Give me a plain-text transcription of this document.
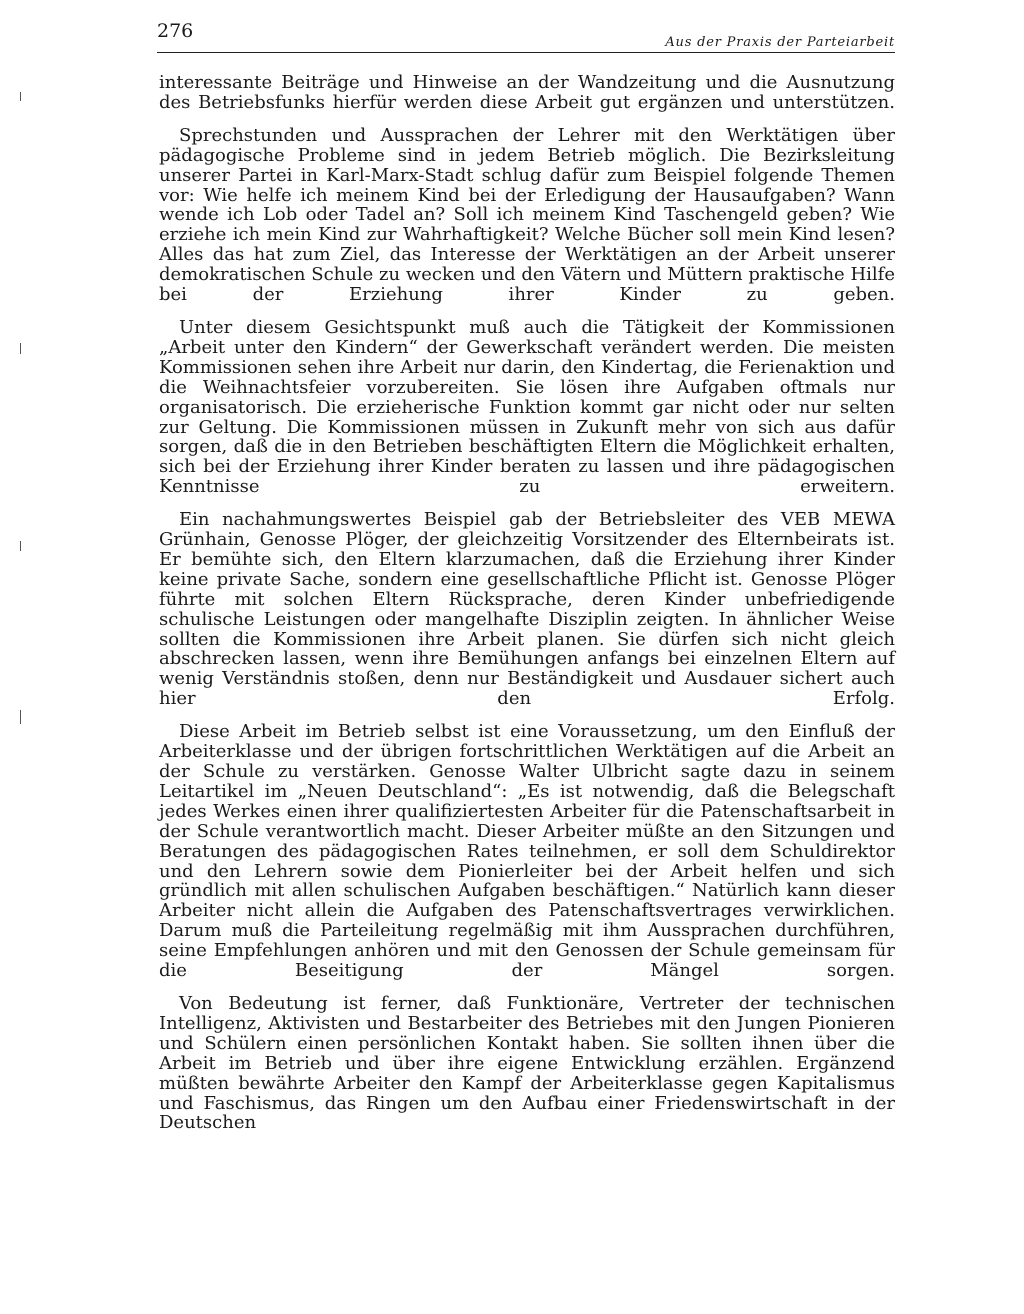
276
Aus der Praxis der Parteiarbeit

interessante Beiträge und Hinweise an der Wandzeitung und die Ausnutzung des Betriebsfunks hierfür werden diese Arbeit gut ergänzen und unterstützen.

Sprechstunden und Aussprachen der Lehrer mit den Werktätigen über pädagogische Probleme sind in jedem Betrieb möglich. Die Bezirksleitung unserer Partei in Karl-Marx-Stadt schlug dafür zum Beispiel folgende Themen vor: Wie helfe ich meinem Kind bei der Erledigung der Hausaufgaben? Wann wende ich Lob oder Tadel an? Soll ich meinem Kind Taschengeld geben? Wie erziehe ich mein Kind zur Wahrhaftigkeit? Welche Bücher soll mein Kind lesen? Alles das hat zum Ziel, das Interesse der Werktätigen an der Arbeit unserer demokratischen Schule zu wecken und den Vätern und Müttern praktische Hilfe bei der Erziehung ihrer Kinder zu geben.

Unter diesem Gesichtspunkt muß auch die Tätigkeit der Kommissionen „Arbeit unter den Kindern“ der Gewerkschaft verändert werden. Die meisten Kommissionen sehen ihre Arbeit nur darin, den Kindertag, die Ferienaktion und die Weihnachtsfeier vorzubereiten. Sie lösen ihre Aufgaben oftmals nur organisatorisch. Die erzieherische Funktion kommt gar nicht oder nur selten zur Geltung. Die Kommissionen müssen in Zukunft mehr von sich aus dafür sorgen, daß die in den Betrieben beschäftigten Eltern die Möglichkeit erhalten, sich bei der Erziehung ihrer Kinder beraten zu lassen und ihre pädagogischen Kenntnisse zu erweitern.

Ein nachahmungswertes Beispiel gab der Betriebsleiter des VEB MEWA Grünhain, Genosse Plöger, der gleichzeitig Vorsitzender des Elternbeirats ist. Er bemühte sich, den Eltern klarzumachen, daß die Erziehung ihrer Kinder keine private Sache, sondern eine gesellschaftliche Pflicht ist. Genosse Plöger führte mit solchen Eltern Rücksprache, deren Kinder unbefriedigende schulische Leistungen oder mangelhafte Disziplin zeigten. In ähnlicher Weise sollten die Kommissionen ihre Arbeit planen. Sie dürfen sich nicht gleich abschrecken lassen, wenn ihre Bemühungen anfangs bei einzelnen Eltern auf wenig Verständnis stoßen, denn nur Beständigkeit und Ausdauer sichert auch hier den Erfolg.

Diese Arbeit im Betrieb selbst ist eine Voraussetzung, um den Einfluß der Arbeiterklasse und der übrigen fortschrittlichen Werktätigen auf die Arbeit an der Schule zu verstärken. Genosse Walter Ulbricht sagte dazu in seinem Leitartikel im „Neuen Deutschland“: „Es ist notwendig, daß die Belegschaft jedes Werkes einen ihrer qualifiziertesten Arbeiter für die Patenschaftsarbeit in der Schule verantwortlich macht. Dieser Arbeiter müßte an den Sitzungen und Beratungen des pädagogischen Rates teilnehmen, er soll dem Schuldirektor und den Lehrern sowie dem Pionierleiter bei der Arbeit helfen und sich gründlich mit allen schulischen Aufgaben beschäftigen.“ Natürlich kann dieser Arbeiter nicht allein die Aufgaben des Patenschaftsvertrages verwirklichen. Darum muß die Parteileitung regelmäßig mit ihm Aussprachen durchführen, seine Empfehlungen anhören und mit den Genossen der Schule gemeinsam für die Beseitigung der Mängel sorgen.

Von Bedeutung ist ferner, daß Funktionäre, Vertreter der technischen Intelligenz, Aktivisten und Bestarbeiter des Betriebes mit den Jungen Pionieren und Schülern einen persönlichen Kontakt haben. Sie sollten ihnen über die Arbeit im Betrieb und über ihre eigene Entwicklung erzählen. Ergänzend müßten bewährte Arbeiter den Kampf der Arbeiterklasse gegen Kapitalismus und Faschismus, das Ringen um den Aufbau einer Friedenswirtschaft in der Deutschen
